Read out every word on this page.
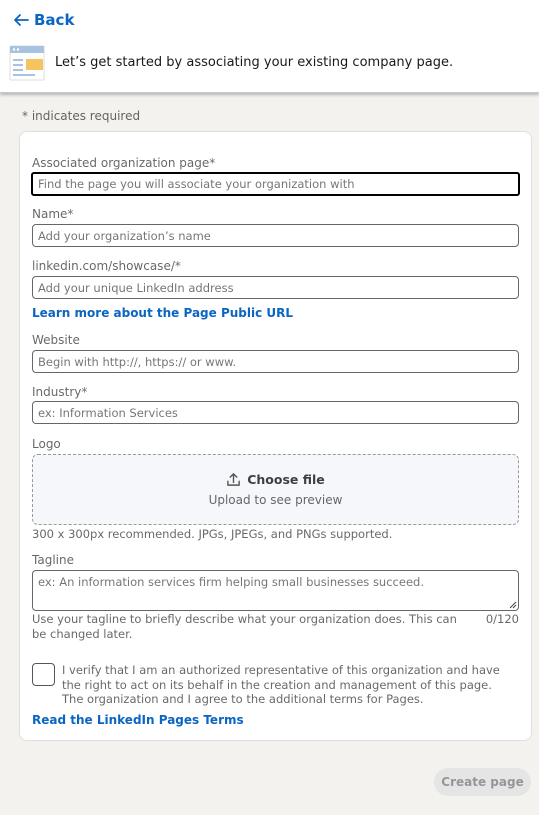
Back
Let’s get started by associating your existing company page.
* indicates required
Associated organization page*
Find the page you will associate your organization with
Name*
Add your organization’s name
linkedin.com/showcase/*
Add your unique LinkedIn address
Learn more about the Page Public URL
Website
Begin with http://, https:// or www.
Industry*
ex: Information Services
Logo
Choose file
Upload to see preview
300 x 300px recommended. JPGs, JPEGs, and PNGs supported.
Tagline
ex: An information services firm helping small businesses succeed.
Use your tagline to briefly describe what your organization does. This can be changed later.
0/120
I verify that I am an authorized representative of this organization and have the right to act on its behalf in the creation and management of this page. The organization and I agree to the additional terms for Pages.
Read the LinkedIn Pages Terms
Create page
